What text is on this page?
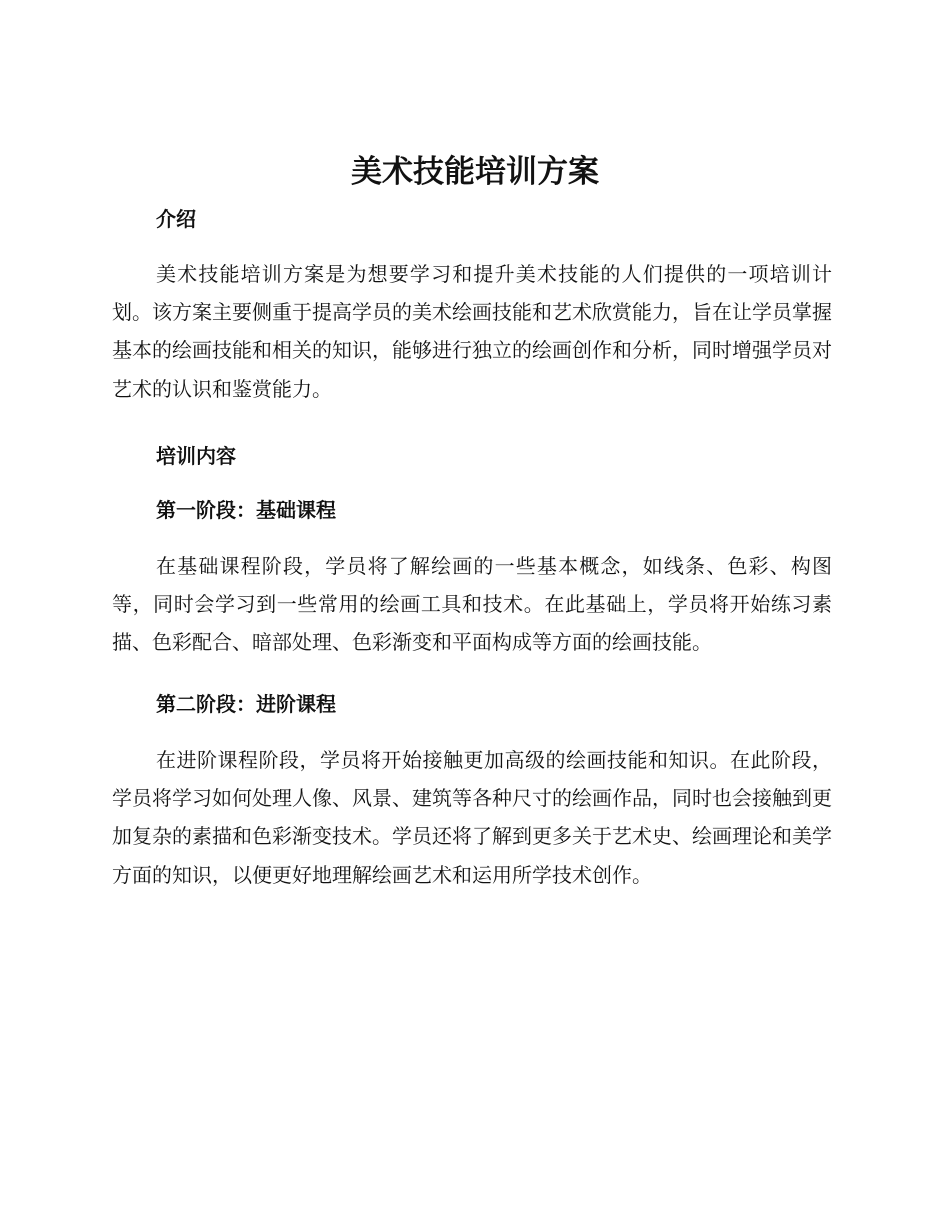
美术技能培训方案
介绍

美术技能培训方案是为想要学习和提升美术技能的人们提供的一项培训计划。该方案主要侧重于提高学员的美术绘画技能和艺术欣赏能力，旨在让学员掌握基本的绘画技能和相关的知识，能够进行独立的绘画创作和分析，同时增强学员对艺术的认识和鉴赏能力。

培训内容
第一阶段：基础课程

在基础课程阶段，学员将了解绘画的一些基本概念，如线条、色彩、构图等，同时会学习到一些常用的绘画工具和技术。在此基础上，学员将开始练习素描、色彩配合、暗部处理、色彩渐变和平面构成等方面的绘画技能。

第二阶段：进阶课程

在进阶课程阶段，学员将开始接触更加高级的绘画技能和知识。在此阶段，学员将学习如何处理人像、风景、建筑等各种尺寸的绘画作品，同时也会接触到更加复杂的素描和色彩渐变技术。学员还将了解到更多关于艺术史、绘画理论和美学方面的知识，以便更好地理解绘画艺术和运用所学技术创作。
